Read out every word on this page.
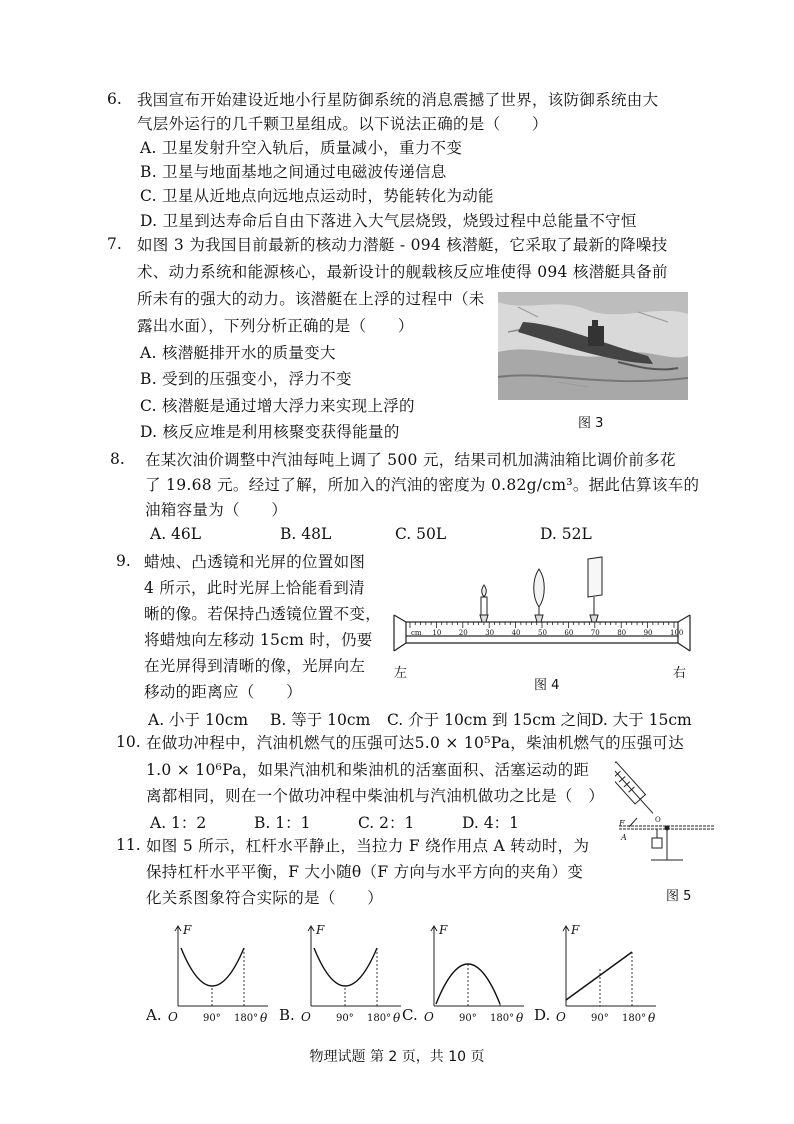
6. 我国宣布开始建设近地小行星防御系统的消息震撼了世界，该防御系统由大
气层外运行的几千颗卫星组成。以下说法正确的是（　　）
A. 卫星发射升空入轨后，质量减小，重力不变
B. 卫星与地面基地之间通过电磁波传递信息
C. 卫星从近地点向远地点运动时，势能转化为动能
D. 卫星到达寿命后自由下落进入大气层烧毁，烧毁过程中总能量不守恒
7. 如图 3 为我国目前最新的核动力潜艇 - 094 核潜艇，它采取了最新的降噪技
术、动力系统和能源核心，最新设计的舰载核反应堆使得 094 核潜艇具备前
所未有的强大的动力。该潜艇在上浮的过程中（未
露出水面），下列分析正确的是（　　）
A. 核潜艇排开水的质量变大
B. 受到的压强变小，浮力不变
C. 核潜艇是通过增大浮力来实现上浮的
D. 核反应堆是利用核聚变获得能量的	图 3
8. 在某次油价调整中汽油每吨上调了 500 元，结果司机加满油箱比调价前多花
了 19.68 元。经过了解，所加入的汽油的密度为 0.82g/cm³。据此估算该车的
油箱容量为（　　）
A. 46L	B. 48L	C. 50L	D. 52L
9. 蜡烛、凸透镜和光屏的位置如图
4 所示，此时光屏上恰能看到清
晰的像。若保持凸透镜位置不变，
将蜡烛向左移动 15cm 时，仍要
在光屏得到清晰的像，光屏向左
移动的距离应（　　）
cm 10 20 30 40 50 60 70 80 90 100
左	右
图 4
A. 小于 10cm B. 等于 10cm C. 介于 10cm 到 15cm 之间 D. 大于 15cm
10. 在做功冲程中，汽油机燃气的压强可达5.0 × 10⁵Pa，柴油机燃气的压强可达
1.0 × 10⁶Pa，如果汽油机和柴油机的活塞面积、活塞运动的距
离都相同，则在一个做功冲程中柴油机与汽油机做功之比是（　）
A. 1：2	B. 1：1	C. 2：1	D. 4：1	F
A
O
图 5
11. 如图 5 所示，杠杆水平静止，当拉力 F 绕作用点 A 转动时，为
保持杠杆水平平衡，F 大小随θ（F 方向与水平方向的夹角）变
化关系图象符合实际的是（　　）
F
O	90° 180° θ
A.
F
O	90° 180° θ
B.
F
O	90° 180° θ
C.
F
O	90° 180° θ
D.
物理试题 第 2 页，共 10 页
